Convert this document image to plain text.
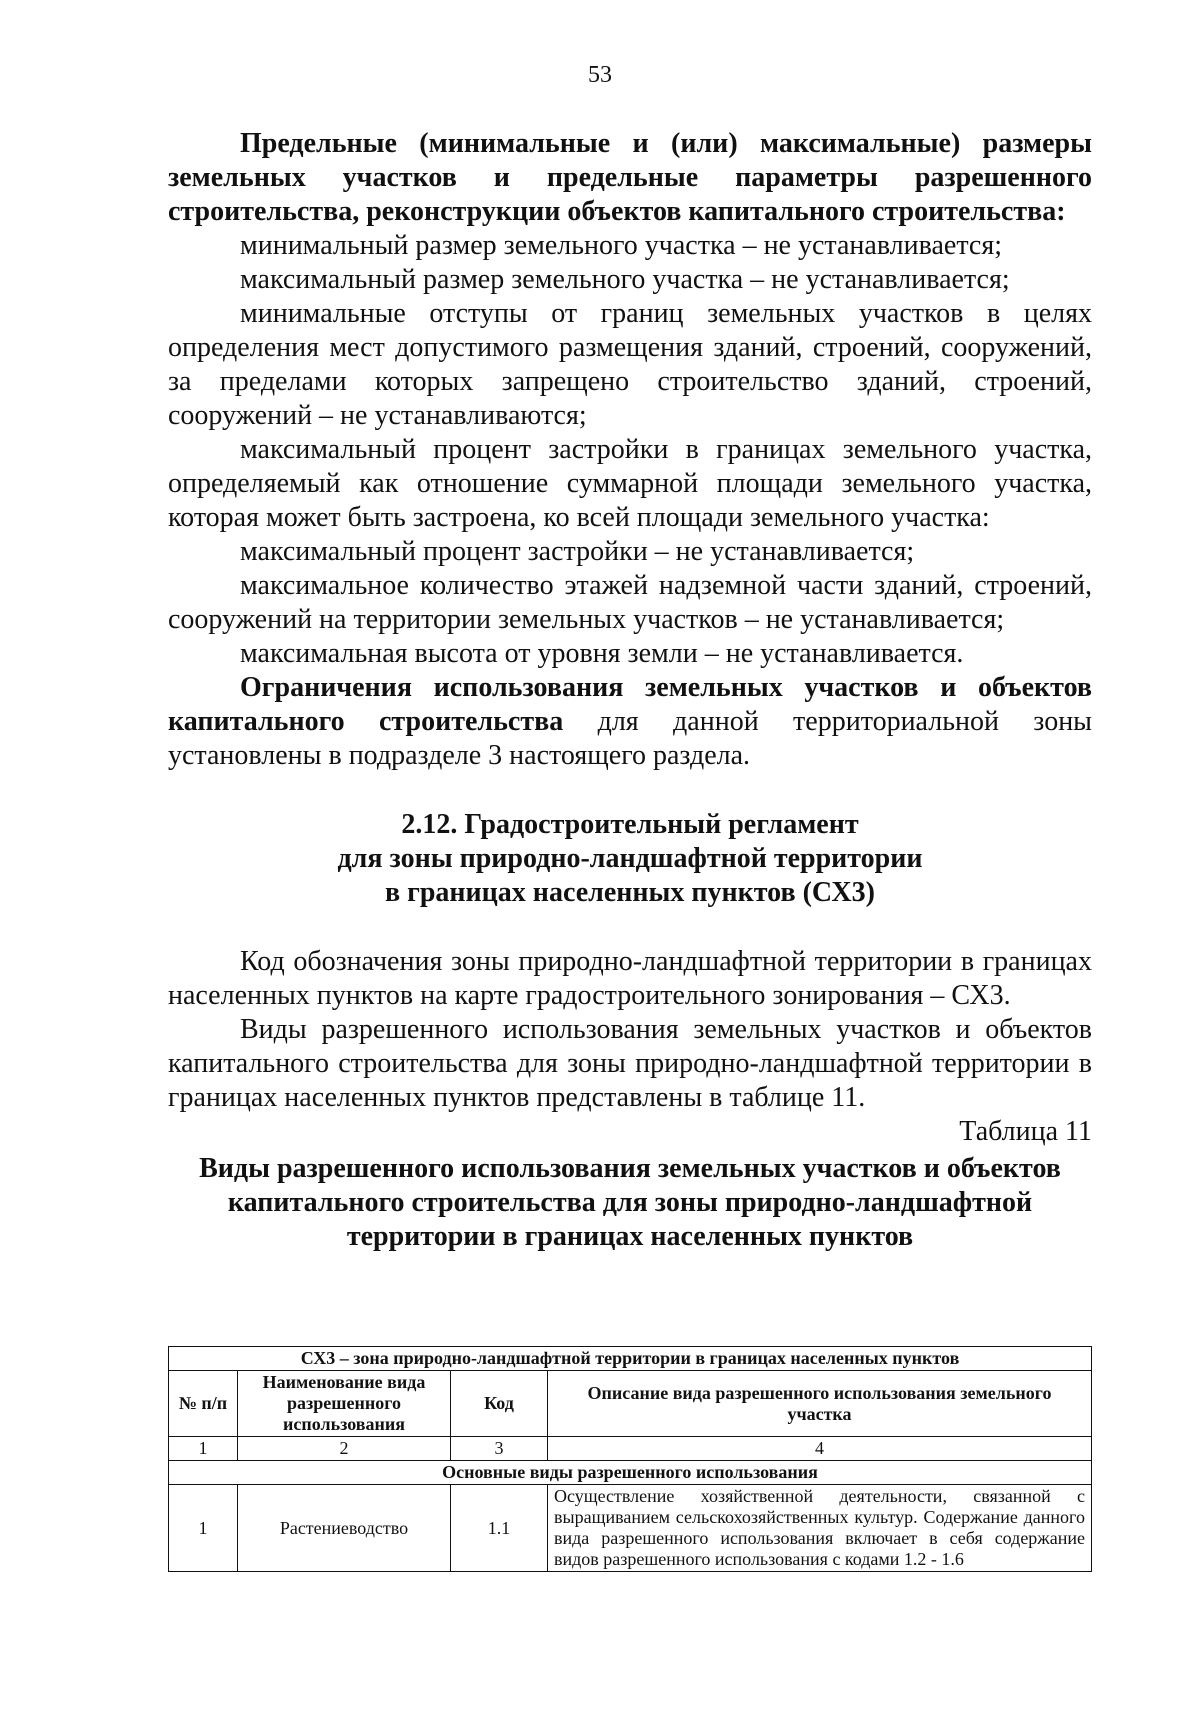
53

Предельные (минимальные и (или) максимальные) размеры земельных участков и предельные параметры разрешенного строительства, реконструкции объектов капитального строительства:

минимальный размер земельного участка – не устанавливается;

максимальный размер земельного участка – не устанавливается;

минимальные отступы от границ земельных участков в целях определения мест допустимого размещения зданий, строений, сооружений, за пределами которых запрещено строительство зданий, строений, сооружений – не устанавливаются;

максимальный процент застройки в границах земельного участка, определяемый как отношение суммарной площади земельного участка, которая может быть застроена, ко всей площади земельного участка:

максимальный процент застройки – не устанавливается;

максимальное количество этажей надземной части зданий, строений, сооружений на территории земельных участков – не устанавливается;

максимальная высота от уровня земли – не устанавливается.

Ограничения использования земельных участков и объектов капитального строительства для данной территориальной зоны установлены в подразделе 3 настоящего раздела.

2.12. Градостроительный регламент

для зоны природно-ландшафтной территории

в границах населенных пунктов (СХ3)

Код обозначения зоны природно-ландшафтной территории в границах населенных пунктов на карте градостроительного зонирования – СХ3.

Виды разрешенного использования земельных участков и объектов капитального строительства для зоны природно-ландшафтной территории в границах населенных пунктов представлены в таблице 11.

Таблица 11

Виды разрешенного использования земельных участков и объектов

капитального строительства для зоны природно-ландшафтной

территории в границах населенных пунктов

СХ3 – зона природно-ландшафтной территории в границах населенных пунктов			
№ п/п	Наименование вида разрешенного использования	Код	Описание вида разрешенного использования земельного участка
1	2	3	4
Основные виды разрешенного использования			
1	Растениеводство	1.1	Осуществление хозяйственной деятельности, связанной с выращиванием сельскохозяйственных культур. Содержание данного вида разрешенного использования включает в себя содержание видов разрешенного использования с кодами 1.2 - 1.6
